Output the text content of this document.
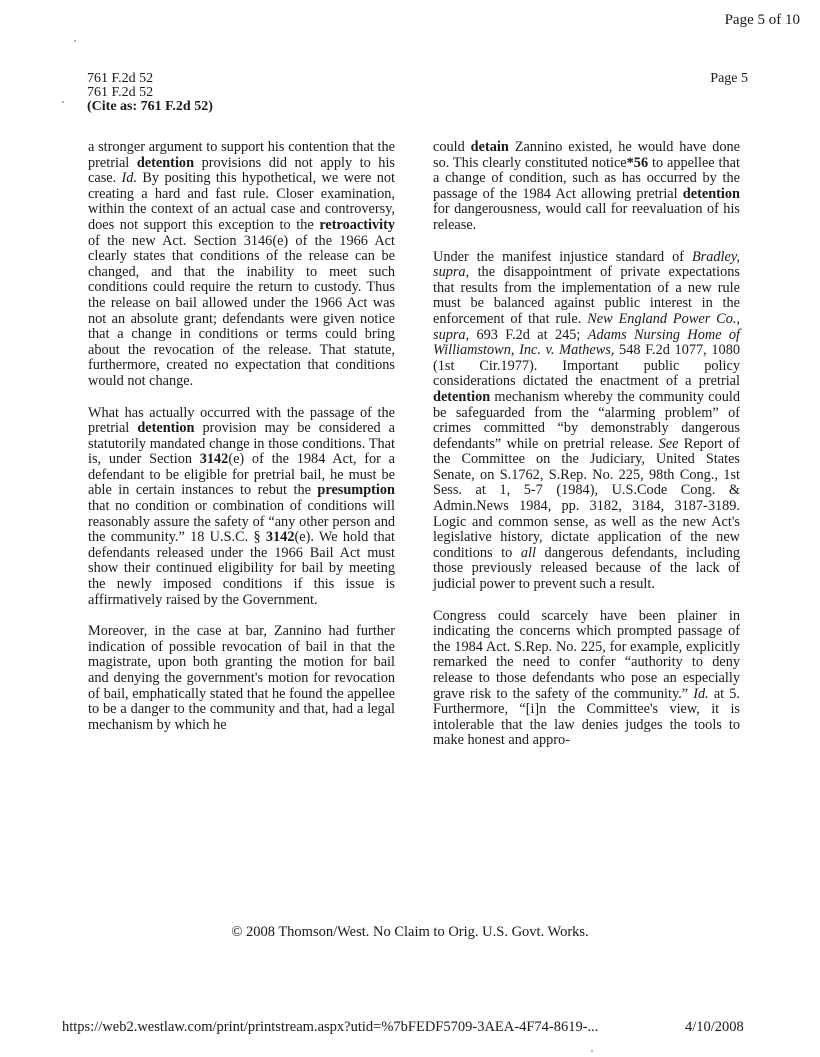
Page 5 of 10
761 F.2d 52
761 F.2d 52
(Cite as: 761 F.2d 52)
Page 5

a stronger argument to support his contention that the pretrial detention provisions did not apply to his case. Id. By positing this hypothetical, we were not creating a hard and fast rule. Closer examination, within the context of an actual case and controversy, does not support this exception to the retroactivity of the new Act. Section 3146(e) of the 1966 Act clearly states that conditions of the release can be changed, and that the inability to meet such conditions could require the return to custody. Thus the release on bail allowed under the 1966 Act was not an absolute grant; defendants were given notice that a change in conditions or terms could bring about the revocation of the release. That statute, furthermore, created no expectation that conditions would not change.

What has actually occurred with the passage of the pretrial detention provision may be considered a statutorily mandated change in those conditions. That is, under Section 3142(e) of the 1984 Act, for a defendant to be eligible for pretrial bail, he must be able in certain instances to rebut the presumption that no condition or combination of conditions will reasonably assure the safety of “any other person and the community.” 18 U.S.C. § 3142(e). We hold that defendants released under the 1966 Bail Act must show their continued eligibility for bail by meeting the newly imposed conditions if this issue is affirmatively raised by the Government.

Moreover, in the case at bar, Zannino had further indication of possible revocation of bail in that the magistrate, upon both granting the motion for bail and denying the government's motion for revocation of bail, emphatically stated that he found the appellee to be a danger to the community and that, had a legal mechanism by which he

could detain Zannino existed, he would have done so. This clearly constituted notice*56 to appellee that a change of condition, such as has occurred by the passage of the 1984 Act allowing pretrial detention for dangerousness, would call for reevaluation of his release.

Under the manifest injustice standard of Bradley, supra, the disappointment of private expectations that results from the implementation of a new rule must be balanced against public interest in the enforcement of that rule. New England Power Co., supra, 693 F.2d at 245; Adams Nursing Home of Williamstown, Inc. v. Mathews, 548 F.2d 1077, 1080 (1st Cir.1977). Important public policy considerations dictated the enactment of a pretrial detention mechanism whereby the community could be safeguarded from the “alarming problem” of crimes committed “by demonstrably dangerous defendants” while on pretrial release. See Report of the Committee on the Judiciary, United States Senate, on S.1762, S.Rep. No. 225, 98th Cong., 1st Sess. at 1, 5-7 (1984), U.S.Code Cong. & Admin.News 1984, pp. 3182, 3184, 3187-3189. Logic and common sense, as well as the new Act's legislative history, dictate application of the new conditions to all dangerous defendants, including those previously released because of the lack of judicial power to prevent such a result.

Congress could scarcely have been plainer in indicating the concerns which prompted passage of the 1984 Act. S.Rep. No. 225, for example, explicitly remarked the need to confer “authority to deny release to those defendants who pose an especially grave risk to the safety of the community.” Id. at 5. Furthermore, “[i]n the Committee's view, it is intolerable that the law denies judges the tools to make honest and appro-

© 2008 Thomson/West. No Claim to Orig. U.S. Govt. Works.
https://web2.westlaw.com/print/printstream.aspx?utid=%7bFEDF5709-3AEA-4F74-8619-...	4/10/2008
